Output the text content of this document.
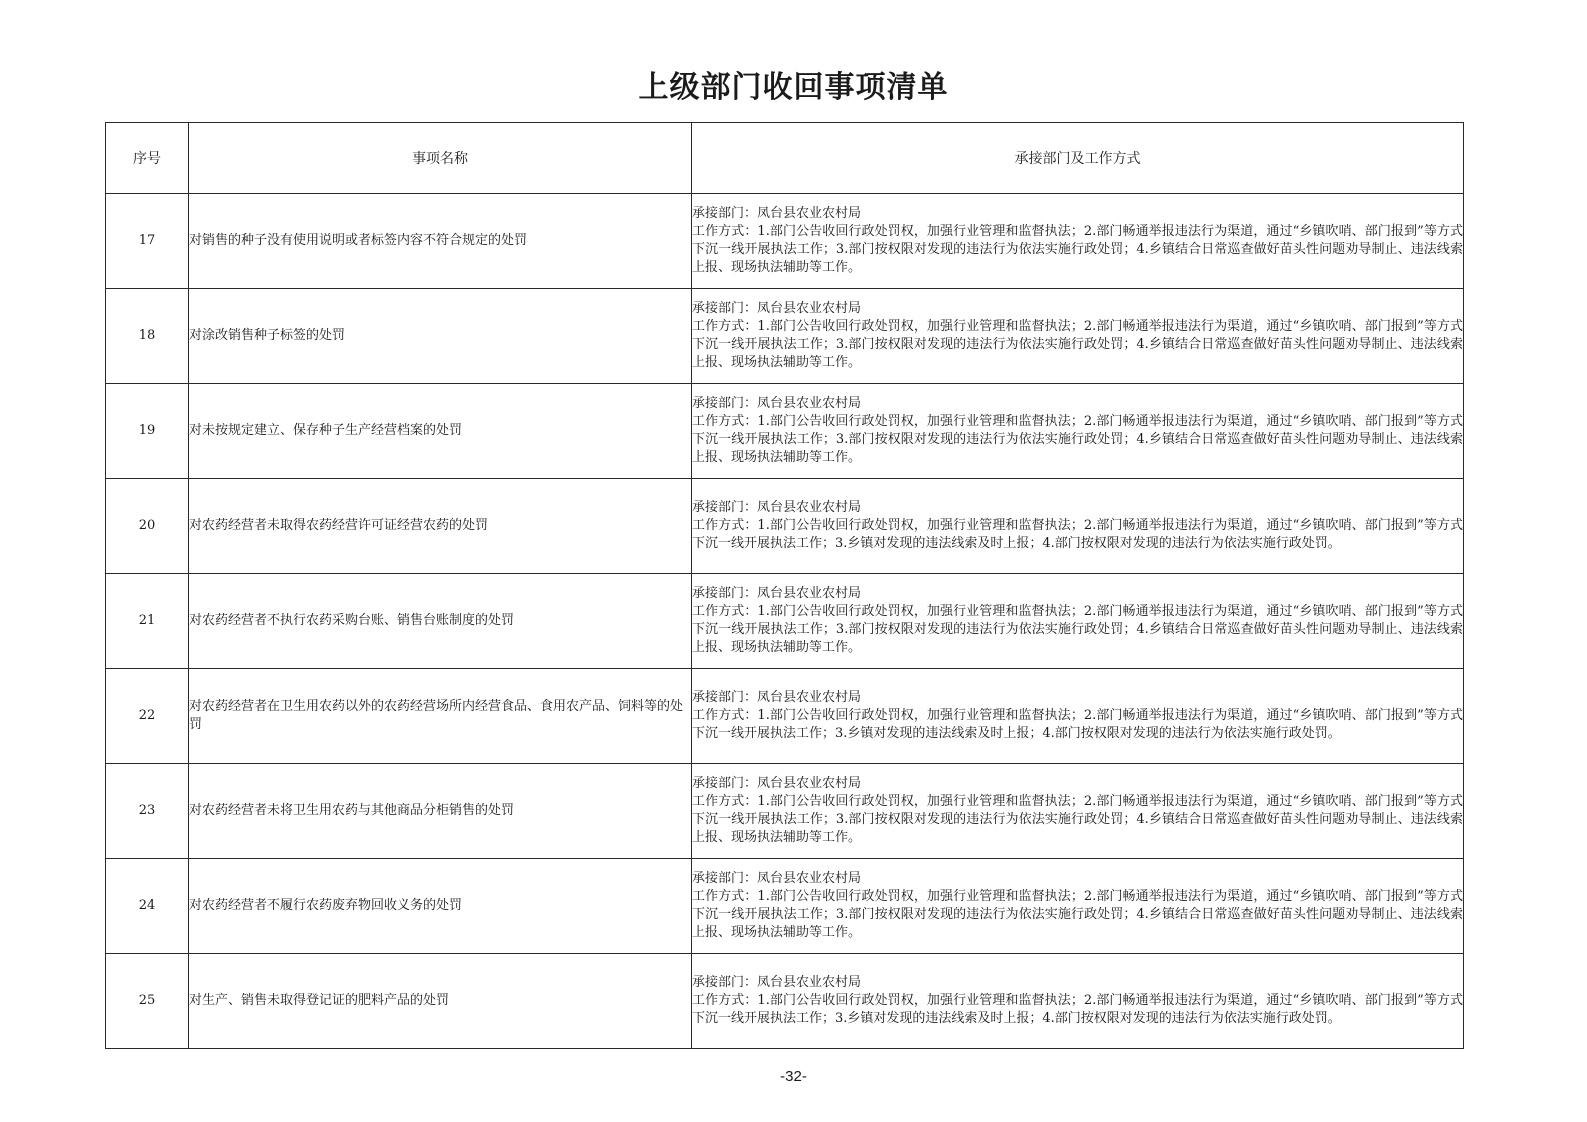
上级部门收回事项清单
序号	事项名称	承接部门及工作方式
17	对销售的种子没有使用说明或者标签内容不符合规定的处罚	承接部门：凤台县农业农村局
工作方式：1.部门公告收回行政处罚权，加强行业管理和监督执法；2.部门畅通举报违法行为渠道，通过“乡镇吹哨、部门报到”等方式下沉一线开展执法工作；3.部门按权限对发现的违法行为依法实施行政处罚；4.乡镇结合日常巡查做好苗头性问题劝导制止、违法线索上报、现场执法辅助等工作。

18	对涂改销售种子标签的处罚	承接部门：凤台县农业农村局
工作方式：1.部门公告收回行政处罚权，加强行业管理和监督执法；2.部门畅通举报违法行为渠道，通过“乡镇吹哨、部门报到”等方式下沉一线开展执法工作；3.部门按权限对发现的违法行为依法实施行政处罚；4.乡镇结合日常巡查做好苗头性问题劝导制止、违法线索上报、现场执法辅助等工作。

19	对未按规定建立、保存种子生产经营档案的处罚	承接部门：凤台县农业农村局
工作方式：1.部门公告收回行政处罚权，加强行业管理和监督执法；2.部门畅通举报违法行为渠道，通过“乡镇吹哨、部门报到”等方式下沉一线开展执法工作；3.部门按权限对发现的违法行为依法实施行政处罚；4.乡镇结合日常巡查做好苗头性问题劝导制止、违法线索上报、现场执法辅助等工作。

20	对农药经营者未取得农药经营许可证经营农药的处罚	承接部门：凤台县农业农村局
工作方式：1.部门公告收回行政处罚权，加强行业管理和监督执法；2.部门畅通举报违法行为渠道，通过“乡镇吹哨、部门报到”等方式下沉一线开展执法工作；3.乡镇对发现的违法线索及时上报；4.部门按权限对发现的违法行为依法实施行政处罚。

21	对农药经营者不执行农药采购台账、销售台账制度的处罚	承接部门：凤台县农业农村局
工作方式：1.部门公告收回行政处罚权，加强行业管理和监督执法；2.部门畅通举报违法行为渠道，通过“乡镇吹哨、部门报到”等方式下沉一线开展执法工作；3.部门按权限对发现的违法行为依法实施行政处罚；4.乡镇结合日常巡查做好苗头性问题劝导制止、违法线索上报、现场执法辅助等工作。

22	对农药经营者在卫生用农药以外的农药经营场所内经营食品、食用农产品、饲料等的处罚	承接部门：凤台县农业农村局
工作方式：1.部门公告收回行政处罚权，加强行业管理和监督执法；2.部门畅通举报违法行为渠道，通过“乡镇吹哨、部门报到”等方式下沉一线开展执法工作；3.乡镇对发现的违法线索及时上报；4.部门按权限对发现的违法行为依法实施行政处罚。

23	对农药经营者未将卫生用农药与其他商品分柜销售的处罚	承接部门：凤台县农业农村局
工作方式：1.部门公告收回行政处罚权，加强行业管理和监督执法；2.部门畅通举报违法行为渠道，通过“乡镇吹哨、部门报到”等方式下沉一线开展执法工作；3.部门按权限对发现的违法行为依法实施行政处罚；4.乡镇结合日常巡查做好苗头性问题劝导制止、违法线索上报、现场执法辅助等工作。

24	对农药经营者不履行农药废弃物回收义务的处罚	承接部门：凤台县农业农村局
工作方式：1.部门公告收回行政处罚权，加强行业管理和监督执法；2.部门畅通举报违法行为渠道，通过“乡镇吹哨、部门报到”等方式下沉一线开展执法工作；3.部门按权限对发现的违法行为依法实施行政处罚；4.乡镇结合日常巡查做好苗头性问题劝导制止、违法线索上报、现场执法辅助等工作。

25	对生产、销售未取得登记证的肥料产品的处罚	承接部门：凤台县农业农村局
工作方式：1.部门公告收回行政处罚权，加强行业管理和监督执法；2.部门畅通举报违法行为渠道，通过“乡镇吹哨、部门报到”等方式下沉一线开展执法工作；3.乡镇对发现的违法线索及时上报；4.部门按权限对发现的违法行为依法实施行政处罚。
-32-
